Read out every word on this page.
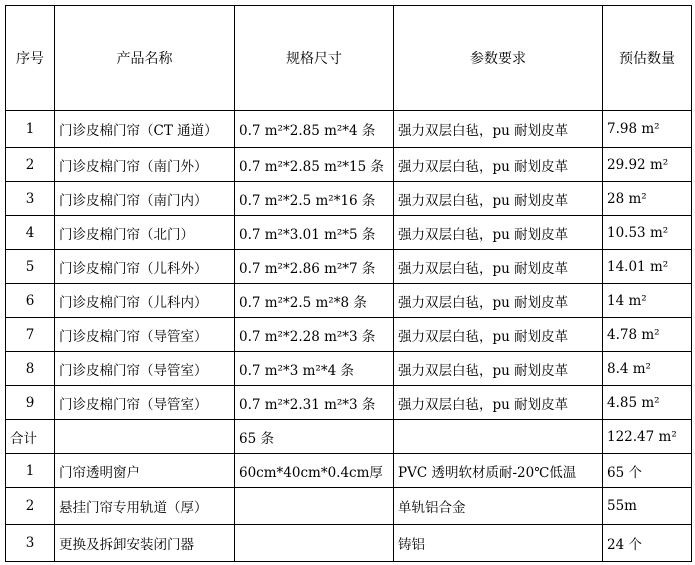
序号	产品名称	规格尺寸	参数要求	预估数量
1	门诊皮棉门帘（CT 通道）	0.7 m²*2.85 m²*4 条	强力双层白毡，pu 耐划皮革	7.98 m²
2	门诊皮棉门帘（南门外）	0.7 m²*2.85 m²*15 条	强力双层白毡，pu 耐划皮革	29.92 m²
3	门诊皮棉门帘（南门内）	0.7 m²*2.5 m²*16 条	强力双层白毡，pu 耐划皮革	28 m²
4	门诊皮棉门帘（北门）	0.7 m²*3.01 m²*5 条	强力双层白毡，pu 耐划皮革	10.53 m²
5	门诊皮棉门帘（儿科外）	0.7 m²*2.86 m²*7 条	强力双层白毡，pu 耐划皮革	14.01 m²
6	门诊皮棉门帘（儿科内）	0.7 m²*2.5 m²*8 条	强力双层白毡，pu 耐划皮革	14 m²
7	门诊皮棉门帘（导管室）	0.7 m²*2.28 m²*3 条	强力双层白毡，pu 耐划皮革	4.78 m²
8	门诊皮棉门帘（导管室）	0.7 m²*3 m²*4 条	强力双层白毡，pu 耐划皮革	8.4 m²
9	门诊皮棉门帘（导管室）	0.7 m²*2.31 m²*3 条	强力双层白毡，pu 耐划皮革	4.85 m²
合计		65 条		122.47 m²
1	门帘透明窗户	60cm*40cm*0.4cm厚	PVC 透明软材质耐-20℃低温	65 个
2	悬挂门帘专用轨道（厚）		单轨铝合金	55m
3	更换及拆卸安装闭门器		铸铝	24 个
